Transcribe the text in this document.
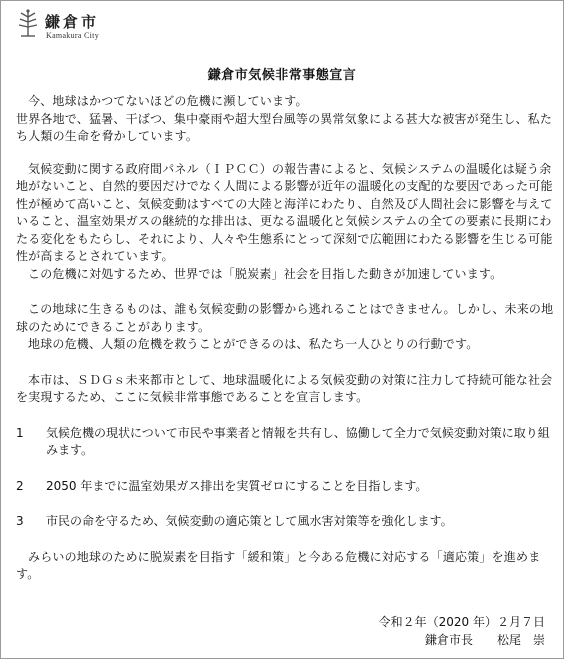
鎌倉市
Kamakura City
鎌倉市気候非常事態宣言

今、地球はかつてないほどの危機に瀕しています。

世界各地で、猛暑、干ばつ、集中豪雨や超大型台風等の異常気象による甚大な被害が発生し、私たち人類の生命を脅かしています。

気候変動に関する政府間パネル（ＩＰＣＣ）の報告書によると、気候システムの温暖化は疑う余地がないこと、自然的要因だけでなく人間による影響が近年の温暖化の支配的な要因であった可能性が極めて高いこと、気候変動はすべての大陸と海洋にわたり、自然及び人間社会に影響を与えていること、温室効果ガスの継続的な排出は、更なる温暖化と気候システムの全ての要素に長期にわたる変化をもたらし、それにより、人々や生態系にとって深刻で広範囲にわたる影響を生じる可能性が高まるとされています。

この危機に対処するため、世界では「脱炭素」社会を目指した動きが加速しています。

この地球に生きるものは、誰も気候変動の影響から逃れることはできません。しかし、未来の地球のためにできることがあります。

地球の危機、人類の危機を救うことができるのは、私たち一人ひとりの行動です。

本市は、ＳＤＧｓ未来都市として、地球温暖化による気候変動の対策に注力して持続可能な社会を実現するため、ここに気候非常事態であることを宣言します。

1	気候危機の現状について市民や事業者と情報を共有し、協働して全力で気候変動対策に取り組みます。
2	2050 年までに温室効果ガス排出を実質ゼロにすることを目指します。
3	市民の命を守るため、気候変動の適応策として風水害対策等を強化します。

みらいの地球のために脱炭素を目指す「緩和策」と今ある危機に対応する「適応策」を進めます。

令和２年（2020 年）２月７日
鎌倉市長 松尾　崇
